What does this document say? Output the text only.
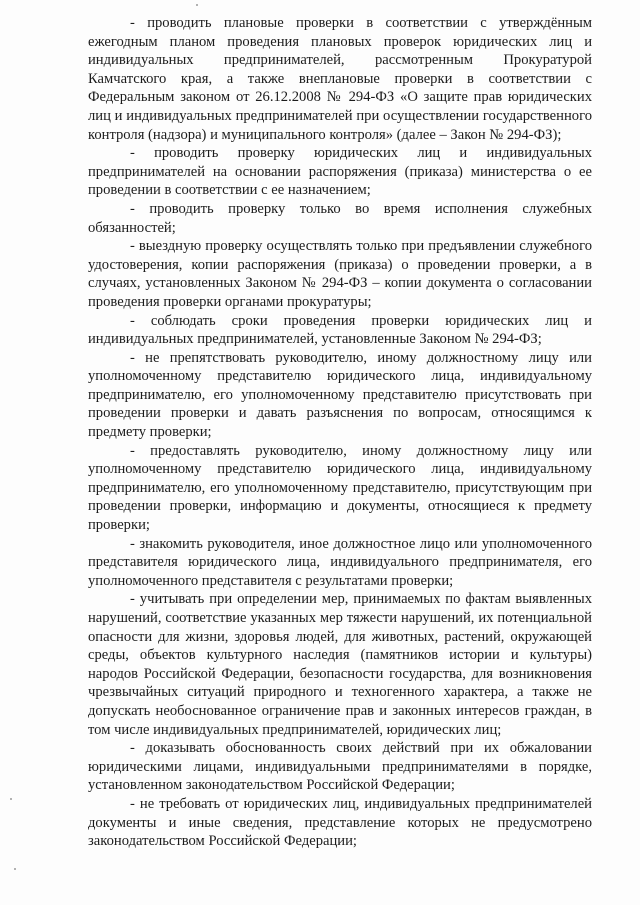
- проводить плановые проверки в соответствии с утверждённым ежегодным планом проведения плановых проверок юридических лиц и индивидуальных предпринимателей, рассмотренным Прокуратурой Камчатского края, а также внеплановые проверки в соответствии с Федеральным законом от 26.12.2008 № 294-ФЗ «О защите прав юридических лиц и индивидуальных предпринимателей при осуществлении государственного контроля (надзора) и муниципального контроля» (далее – Закон № 294-ФЗ);

- проводить проверку юридических лиц и индивидуальных предпринимателей на основании распоряжения (приказа) министерства о ее проведении в соответствии с ее назначением;

- проводить проверку только во время исполнения служебных обязанностей;

- выездную проверку осуществлять только при предъявлении служебного удостоверения, копии распоряжения (приказа) о проведении проверки, а в случаях, установленных Законом № 294-ФЗ – копии документа о согласовании проведения проверки органами прокуратуры;

- соблюдать сроки проведения проверки юридических лиц и индивидуальных предпринимателей, установленные Законом № 294-ФЗ;

- не препятствовать руководителю, иному должностному лицу или уполномоченному представителю юридического лица, индивидуальному предпринимателю, его уполномоченному представителю присутствовать при проведении проверки и давать разъяснения по вопросам, относящимся к предмету проверки;

- предоставлять руководителю, иному должностному лицу или уполномоченному представителю юридического лица, индивидуальному предпринимателю, его уполномоченному представителю, присутствующим при проведении проверки, информацию и документы, относящиеся к предмету проверки;

- знакомить руководителя, иное должностное лицо или уполномоченного представителя юридического лица, индивидуального предпринимателя, его уполномоченного представителя с результатами проверки;

- учитывать при определении мер, принимаемых по фактам выявленных нарушений, соответствие указанных мер тяжести нарушений, их потенциальной опасности для жизни, здоровья людей, для животных, растений, окружающей среды, объектов культурного наследия (памятников истории и культуры) народов Российской Федерации, безопасности государства, для возникновения чрезвычайных ситуаций природного и техногенного характера, а также не допускать необоснованное ограничение прав и законных интересов граждан, в том числе индивидуальных предпринимателей, юридических лиц;

- доказывать обоснованность своих действий при их обжаловании юридическими лицами, индивидуальными предпринимателями в порядке, установленном законодательством Российской Федерации;

- не требовать от юридических лиц, индивидуальных предпринимателей документы и иные сведения, представление которых не предусмотрено законодательством Российской Федерации;
